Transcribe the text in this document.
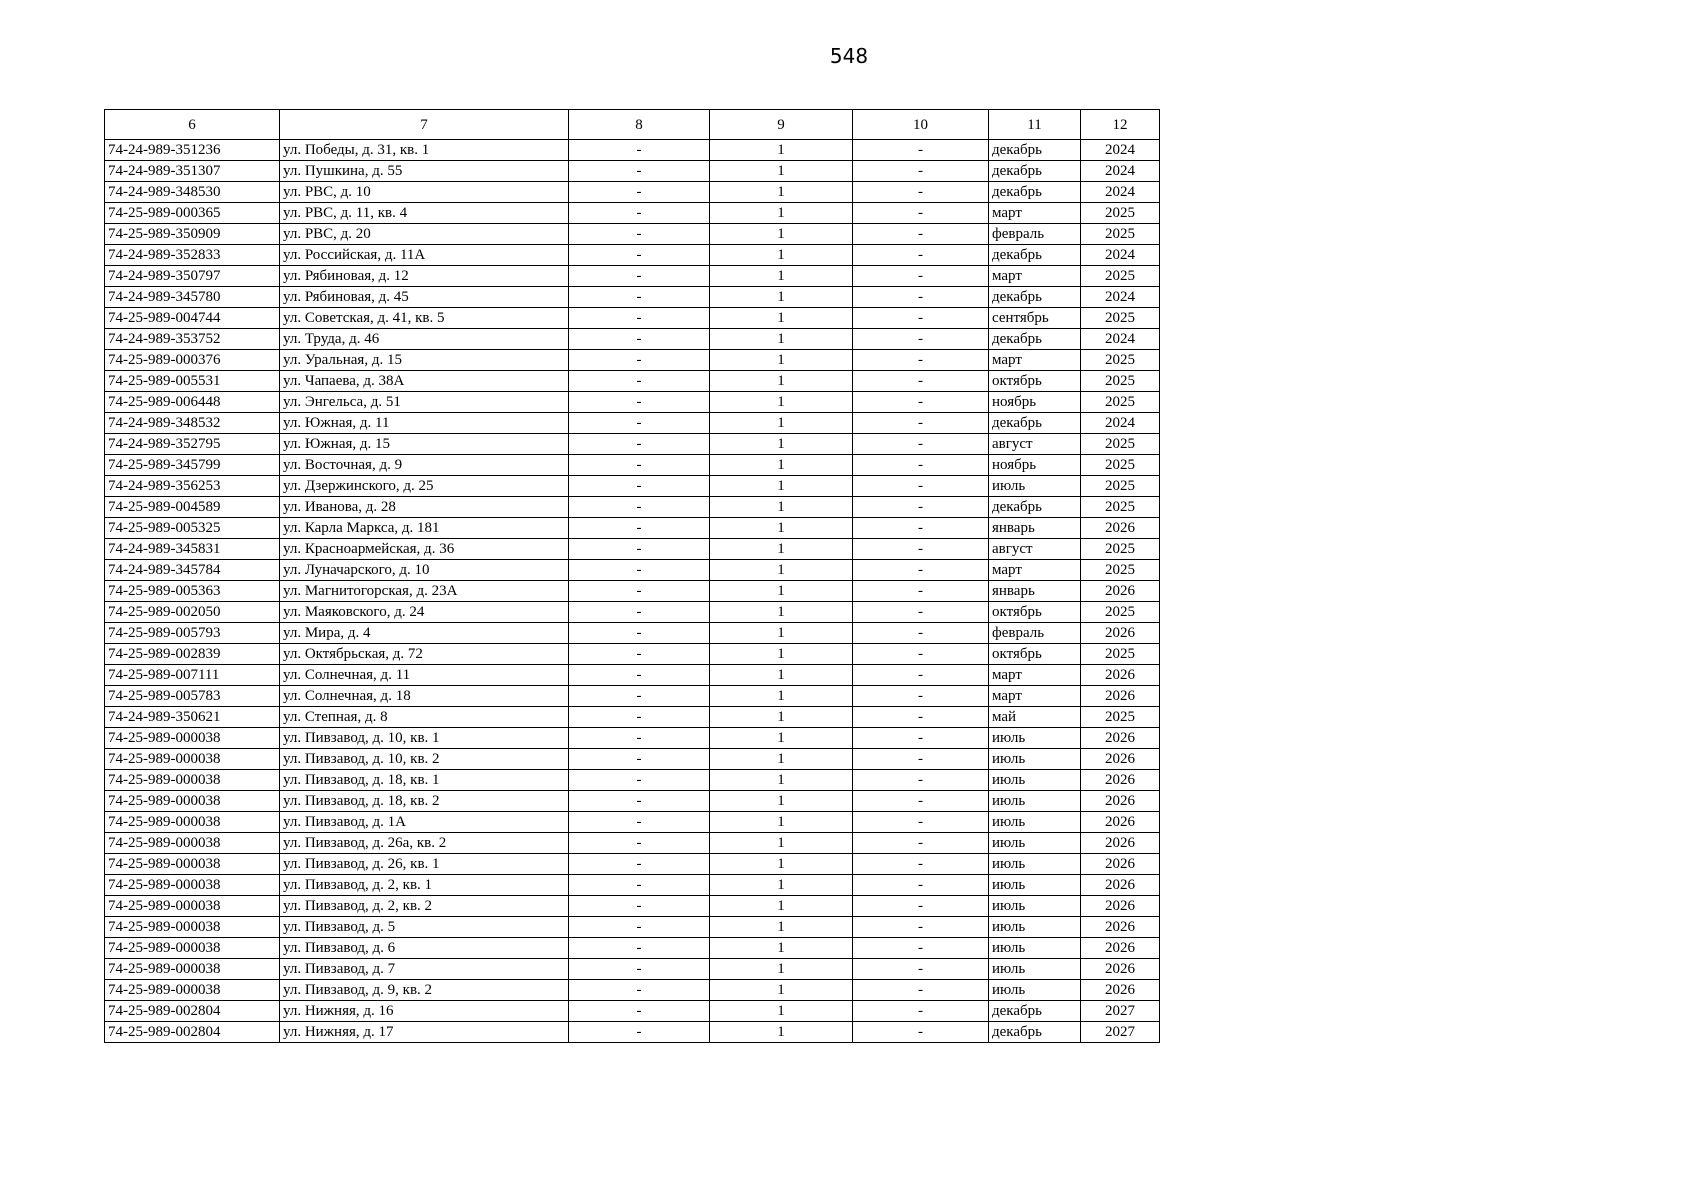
548
6	7	8	9	10	11	12
74-24-989-351236	ул. Победы, д. 31, кв. 1	-	1	-	декабрь	2024
74-24-989-351307	ул. Пушкина, д. 55	-	1	-	декабрь	2024
74-24-989-348530	ул. РВС, д. 10	-	1	-	декабрь	2024
74-25-989-000365	ул. РВС, д. 11, кв. 4	-	1	-	март	2025
74-25-989-350909	ул. РВС, д. 20	-	1	-	февраль	2025
74-24-989-352833	ул. Российская, д. 11А	-	1	-	декабрь	2024
74-24-989-350797	ул. Рябиновая, д. 12	-	1	-	март	2025
74-24-989-345780	ул. Рябиновая, д. 45	-	1	-	декабрь	2024
74-25-989-004744	ул. Советская, д. 41, кв. 5	-	1	-	сентябрь	2025
74-24-989-353752	ул. Труда, д. 46	-	1	-	декабрь	2024
74-25-989-000376	ул. Уральная, д. 15	-	1	-	март	2025
74-25-989-005531	ул. Чапаева, д. 38А	-	1	-	октябрь	2025
74-25-989-006448	ул. Энгельса, д. 51	-	1	-	ноябрь	2025
74-24-989-348532	ул. Южная, д. 11	-	1	-	декабрь	2024
74-24-989-352795	ул. Южная, д. 15	-	1	-	август	2025
74-25-989-345799	ул. Восточная, д. 9	-	1	-	ноябрь	2025
74-24-989-356253	ул. Дзержинского, д. 25	-	1	-	июль	2025
74-25-989-004589	ул. Иванова, д. 28	-	1	-	декабрь	2025
74-25-989-005325	ул. Карла Маркса, д. 181	-	1	-	январь	2026
74-24-989-345831	ул. Красноармейская, д. 36	-	1	-	август	2025
74-24-989-345784	ул. Луначарского, д. 10	-	1	-	март	2025
74-25-989-005363	ул. Магнитогорская, д. 23А	-	1	-	январь	2026
74-25-989-002050	ул. Маяковского, д. 24	-	1	-	октябрь	2025
74-25-989-005793	ул. Мира, д. 4	-	1	-	февраль	2026
74-25-989-002839	ул. Октябрьская, д. 72	-	1	-	октябрь	2025
74-25-989-007111	ул. Солнечная, д. 11	-	1	-	март	2026
74-25-989-005783	ул. Солнечная, д. 18	-	1	-	март	2026
74-24-989-350621	ул. Степная, д. 8	-	1	-	май	2025
74-25-989-000038	ул. Пивзавод, д. 10, кв. 1	-	1	-	июль	2026
74-25-989-000038	ул. Пивзавод, д. 10, кв. 2	-	1	-	июль	2026
74-25-989-000038	ул. Пивзавод, д. 18, кв. 1	-	1	-	июль	2026
74-25-989-000038	ул. Пивзавод, д. 18, кв. 2	-	1	-	июль	2026
74-25-989-000038	ул. Пивзавод, д. 1А	-	1	-	июль	2026
74-25-989-000038	ул. Пивзавод, д. 26а, кв. 2	-	1	-	июль	2026
74-25-989-000038	ул. Пивзавод, д. 26, кв. 1	-	1	-	июль	2026
74-25-989-000038	ул. Пивзавод, д. 2, кв. 1	-	1	-	июль	2026
74-25-989-000038	ул. Пивзавод, д. 2, кв. 2	-	1	-	июль	2026
74-25-989-000038	ул. Пивзавод, д. 5	-	1	-	июль	2026
74-25-989-000038	ул. Пивзавод, д. 6	-	1	-	июль	2026
74-25-989-000038	ул. Пивзавод, д. 7	-	1	-	июль	2026
74-25-989-000038	ул. Пивзавод, д. 9, кв. 2	-	1	-	июль	2026
74-25-989-002804	ул. Нижняя, д. 16	-	1	-	декабрь	2027
74-25-989-002804	ул. Нижняя, д. 17	-	1	-	декабрь	2027
